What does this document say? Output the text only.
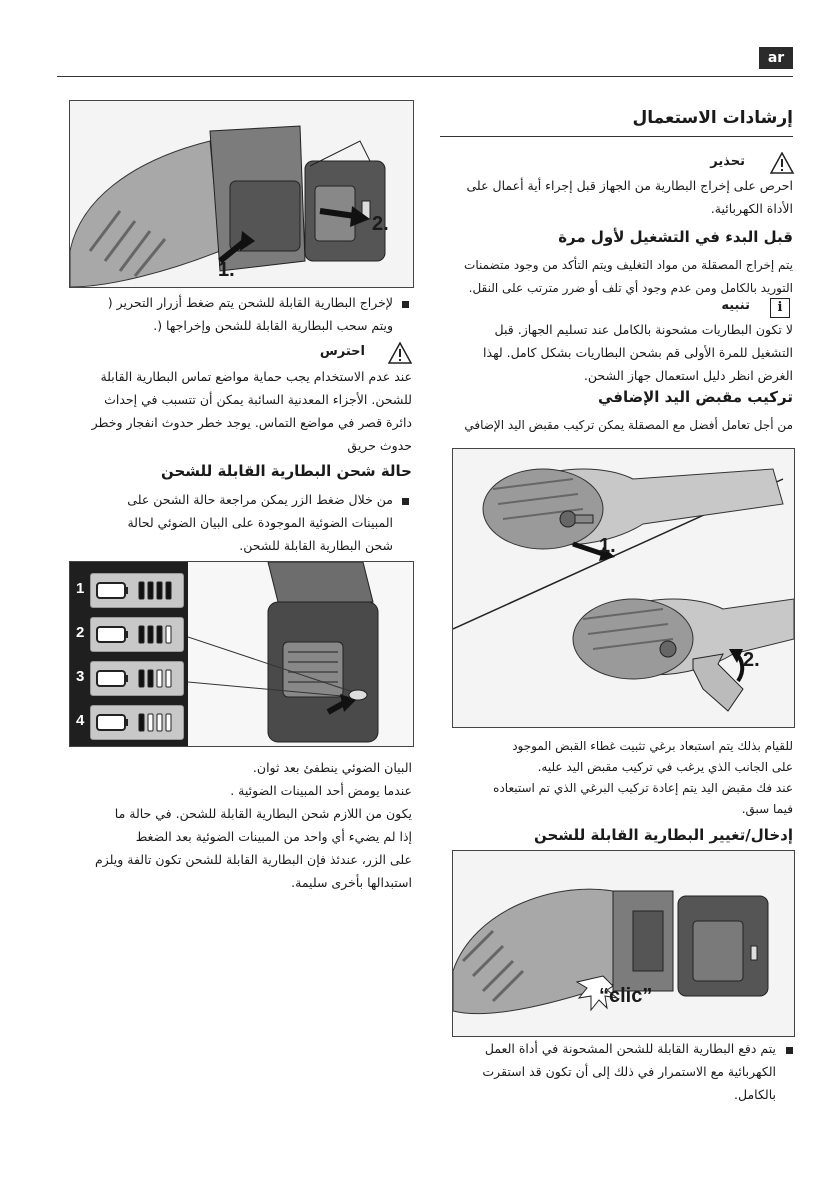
ar
إرشادات الاستعمال
تحذير
احرص على إخراج البطارية من الجهاز قبل إجراء أية أعمال على
الأداة الكهربائية.
قبل البدء في التشغيل لأول مرة
يتم إخراج المصقلة من مواد التغليف ويتم التأكد من وجود متضمنات
التوريد بالكامل ومن عدم وجود أي تلف أو ضرر مترتب على النقل.
i
تنبيه
لا تكون البطاريات مشحونة بالكامل عند تسليم الجهاز. قبل
التشغيل للمرة الأولى قم بشحن البطاريات بشكل كامل. لهذا
الغرض انظر دليل استعمال جهاز الشحن.
تركيب مقبض اليد الإضافي
من أجل تعامل أفضل مع المصقلة يمكن تركيب مقبض اليد الإضافي
1.
2.
للقيام بذلك يتم استبعاد برغي تثبيت غطاء القبض الموجود
على الجانب الذي يرغب في تركيب مقبض اليد عليه.
عند فك مقبض اليد يتم إعادة تركيب البرغي الذي تم استبعاده
فيما سبق.
إدخال/تغيير البطارية القابلة للشحن
“clic”
يتم دفع البطارية القابلة للشحن المشحونة في أداة العمل
الكهربائية مع الاستمرار في ذلك إلى أن تكون قد استقرت
بالكامل.
1.
2.
لإخراج البطارية القابلة للشحن يتم ضغط أزرار التحرير (
ويتم سحب البطارية القابلة للشحن وإخراجها (.
احترس
عند عدم الاستخدام يجب حماية مواضع تماس البطارية القابلة
للشحن. الأجزاء المعدنية السائبة يمكن أن تتسبب في إحداث
دائرة قصر في مواضع التماس. يوجد خطر حدوث انفجار وخطر
حدوث حريق
حالة شحن البطارية القابلة للشحن
من خلال ضغط الزر يمكن مراجعة حالة الشحن على
المبينات الضوئية الموجودة على البيان الضوئي لحالة
شحن البطارية القابلة للشحن.
1
2
3
4
البيان الضوئي ينطفئ بعد ثوان.
عندما يومض أحد المبينات الضوئية .
يكون من اللازم شحن البطارية القابلة للشحن. في حالة ما
إذا لم يضيء أي واحد من المبينات الضوئية بعد الضغط
على الزر، عندئذ فإن البطارية القابلة للشحن تكون تالفة ويلزم
استبدالها بأخرى سليمة.
